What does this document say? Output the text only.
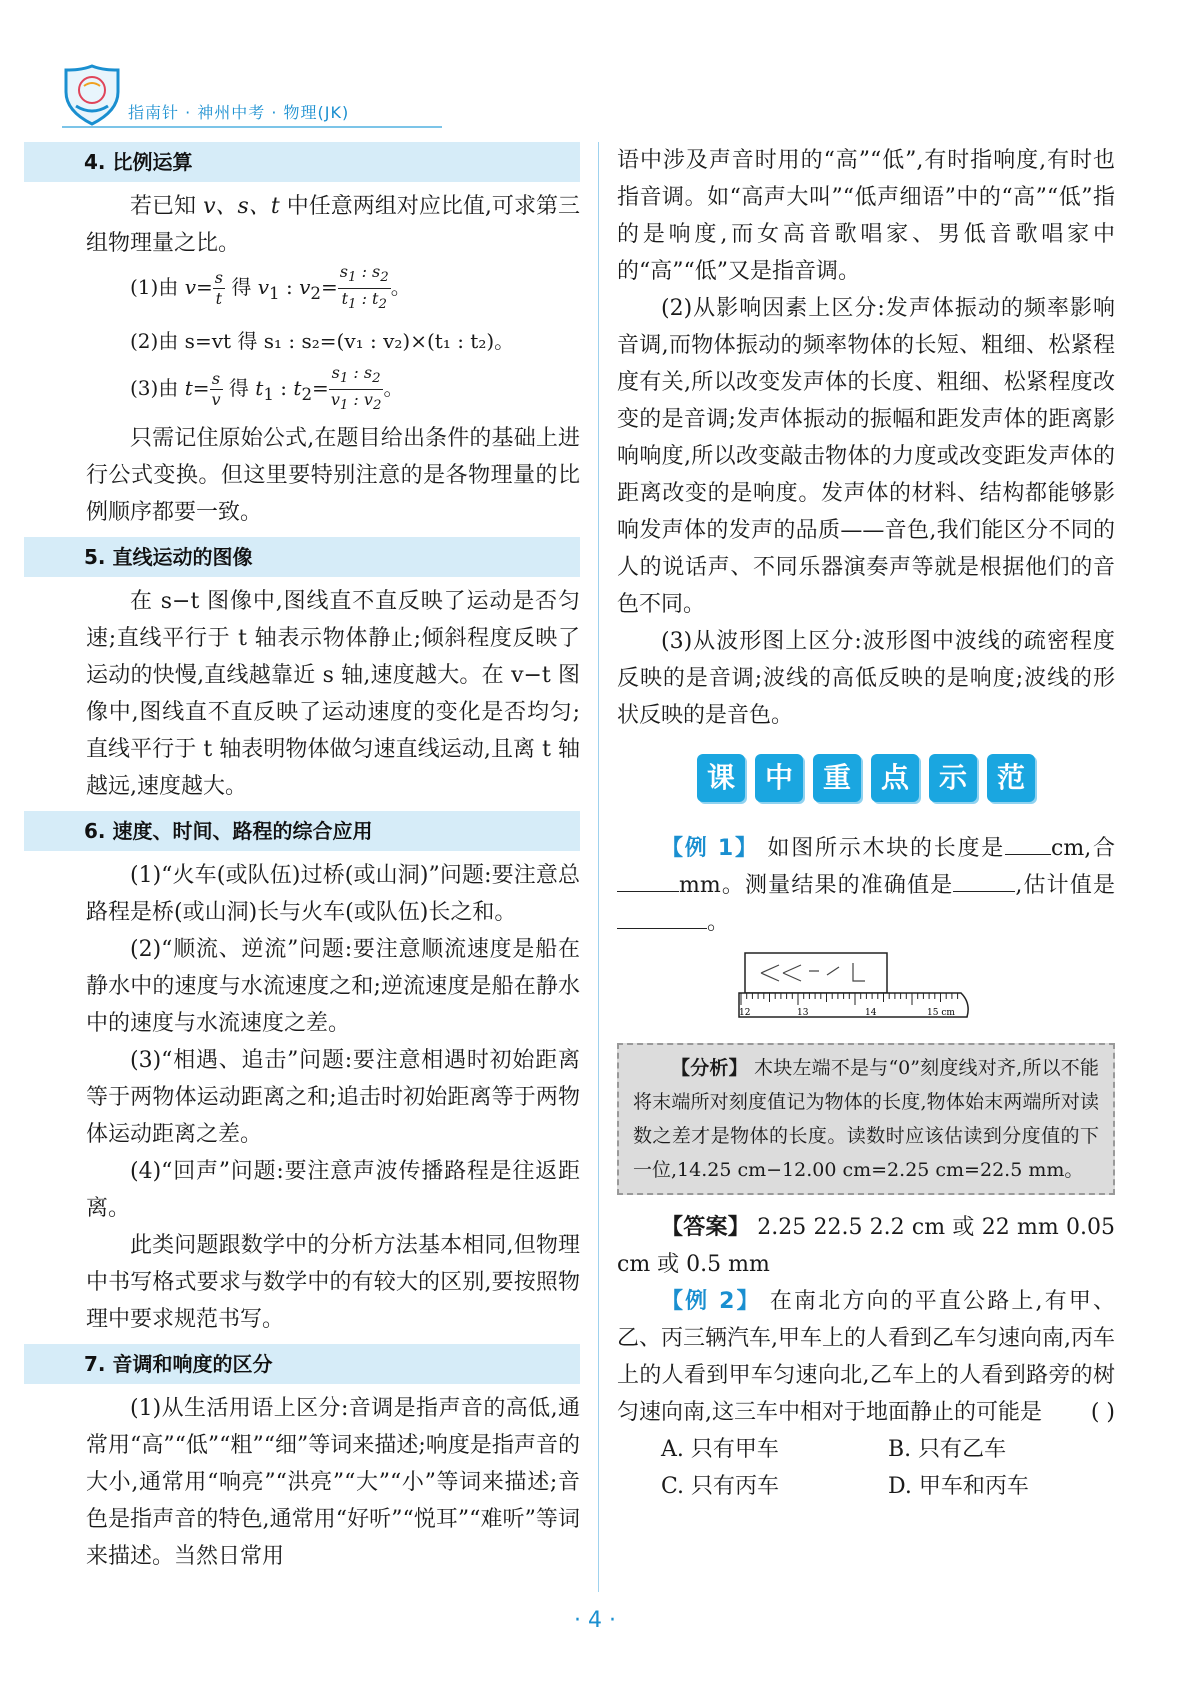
指南针 · 神州中考 · 物理(JK)
4. 比例运算

若已知 v、s、t 中任意两组对应比值,可求第三组物理量之比。

(1)由 $v= \frac{s}{t}$ 得 $v_1$ : $v_2= \frac{s_1 : s_2}{t_1 : t_2}$ 。
(2)由 s=vt 得 s₁ : s₂=(v₁ : v₂)×(t₁ : t₂)。
(3)由 $t= \frac{s}{v}$ 得 $t_1$ : $t_2= \frac{s_1 : s_2}{v_1 : v_2}$ 。

只需记住原始公式,在题目给出条件的基础上进行公式变换。但这里要特别注意的是各物理量的比例顺序都要一致。

5. 直线运动的图像

在 s−t 图像中,图线直不直反映了运动是否匀速;直线平行于 t 轴表示物体静止;倾斜程度反映了运动的快慢,直线越靠近 s 轴,速度越大。在 v−t 图像中,图线直不直反映了运动速度的变化是否均匀;直线平行于 t 轴表明物体做匀速直线运动,且离 t 轴越远,速度越大。

6. 速度、时间、路程的综合应用

(1)“火车(或队伍)过桥(或山洞)”问题:要注意总路程是桥(或山洞)长与火车(或队伍)长之和。

(2)“顺流、逆流”问题:要注意顺流速度是船在静水中的速度与水流速度之和;逆流速度是船在静水中的速度与水流速度之差。

(3)“相遇、追击”问题:要注意相遇时初始距离等于两物体运动距离之和;追击时初始距离等于两物体运动距离之差。

(4)“回声”问题:要注意声波传播路程是往返距离。

此类问题跟数学中的分析方法基本相同,但物理中书写格式要求与数学中的有较大的区别,要按照物理中要求规范书写。

7. 音调和响度的区分

(1)从生活用语上区分:音调是指声音的高低,通常用“高”“低”“粗”“细”等词来描述;响度是指声音的大小,通常用“响亮”“洪亮”“大”“小”等词来描述;音色是指声音的特色,通常用“好听”“悦耳”“难听”等词来描述。当然日常用

语中涉及声音时用的“高”“低”,有时指响度,有时也指音调。如“高声大叫”“低声细语”中的“高”“低”指的是响度,而女高音歌唱家、男低音歌唱家中的“高”“低”又是指音调。

(2)从影响因素上区分:发声体振动的频率影响音调,而物体振动的频率物体的长短、粗细、松紧程度有关,所以改变发声体的长度、粗细、松紧程度改变的是音调;发声体振动的振幅和距发声体的距离影响响度,所以改变敲击物体的力度或改变距发声体的距离改变的是响度。发声体的材料、结构都能够影响发声体的发声的品质——音色,我们能区分不同的人的说话声、不同乐器演奏声等就是根据他们的音色不同。

(3)从波形图上区分:波形图中波线的疏密程度反映的是音调;波线的高低反映的是响度;波线的形状反映的是音色。

课	中	重	点	示	范

【例 1】 如图所示木块的长度是 cm,合mm。测量结果的准确值是	,估计值是。

12	13	14	15 cm

【分析】 木块左端不是与“0”刻度线对齐,所以不能将末端所对刻度值记为物体的长度,物体始末两端所对读数之差才是物体的长度。读数时应该估读到分度值的下一位,14.25 cm−12.00 cm=2.25 cm=22.5 mm。

【答案】 2.25 22.5 2.2 cm 或 22 mm 0.05 cm 或 0.5 mm

【例 2】 在南北方向的平直公路上,有甲、乙、丙三辆汽车,甲车上的人看到乙车匀速向南,丙车上的人看到甲车匀速向北,乙车上的人看到路旁的树匀速向南,这三车中相对于地面静止的可能是	( )

A. 只有甲车	B. 只有乙车
C. 只有丙车	D. 甲车和丙车
· 4 ·
